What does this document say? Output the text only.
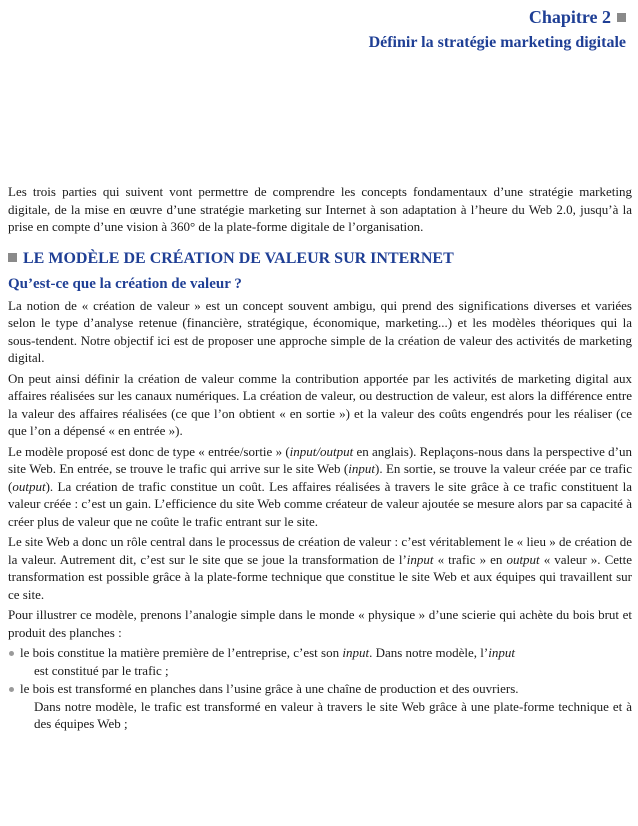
Chapitre 2
Définir la stratégie marketing digitale

Les trois parties qui suivent vont permettre de comprendre les concepts fondamentaux d’une stratégie marketing digitale, de la mise en œuvre d’une stratégie marketing sur Internet à son adaptation à l’heure du Web 2.0, jusqu’à la prise en compte d’une vision à 360° de la plate-forme digitale de l’organisation.

LE MODÈLE DE CRÉATION DE VALEUR SUR INTERNET
Qu’est-ce que la création de valeur ?

La notion de « création de valeur » est un concept souvent ambigu, qui prend des significations diverses et variées selon le type d’analyse retenue (financière, stratégique, économique, marketing...) et les modèles théoriques qui la sous-tendent. Notre objectif ici est de proposer une approche simple de la création de valeur des activités de marketing digital.

On peut ainsi définir la création de valeur comme la contribution apportée par les activités de marketing digital aux affaires réalisées sur les canaux numériques. La création de valeur, ou destruction de valeur, est alors la différence entre la valeur des affaires réalisées (ce que l’on obtient « en sortie ») et la valeur des coûts engendrés pour les réaliser (ce que l’on a dépensé « en entrée »).

Le modèle proposé est donc de type « entrée/sortie » (input/output en anglais). Replaçons-nous dans la perspective d’un site Web. En entrée, se trouve le trafic qui arrive sur le site Web (input). En sortie, se trouve la valeur créée par ce trafic (output). La création de trafic constitue un coût. Les affaires réalisées à travers le site grâce à ce trafic constituent la valeur créée : c’est un gain. L’efficience du site Web comme créateur de valeur ajoutée se mesure alors par sa capacité à créer plus de valeur que ne coûte le trafic entrant sur le site.

Le site Web a donc un rôle central dans le processus de création de valeur : c’est véritablement le « lieu » de création de la valeur. Autrement dit, c’est sur le site que se joue la transformation de l’input « trafic » en output « valeur ». Cette transformation est possible grâce à la plate-forme technique que constitue le site Web et aux équipes qui travaillent sur ce site.

Pour illustrer ce modèle, prenons l’analogie simple dans le monde « physique » d’une scierie qui achète du bois brut et produit des planches :

le bois constitue la matière première de l’entreprise, c’est son input. Dans notre modèle, l’input
est constitué par le trafic ;
le bois est transformé en planches dans l’usine grâce à une chaîne de production et des ouvriers.
Dans notre modèle, le trafic est transformé en valeur à travers le site Web grâce à une plate-forme technique et à des équipes Web ;
